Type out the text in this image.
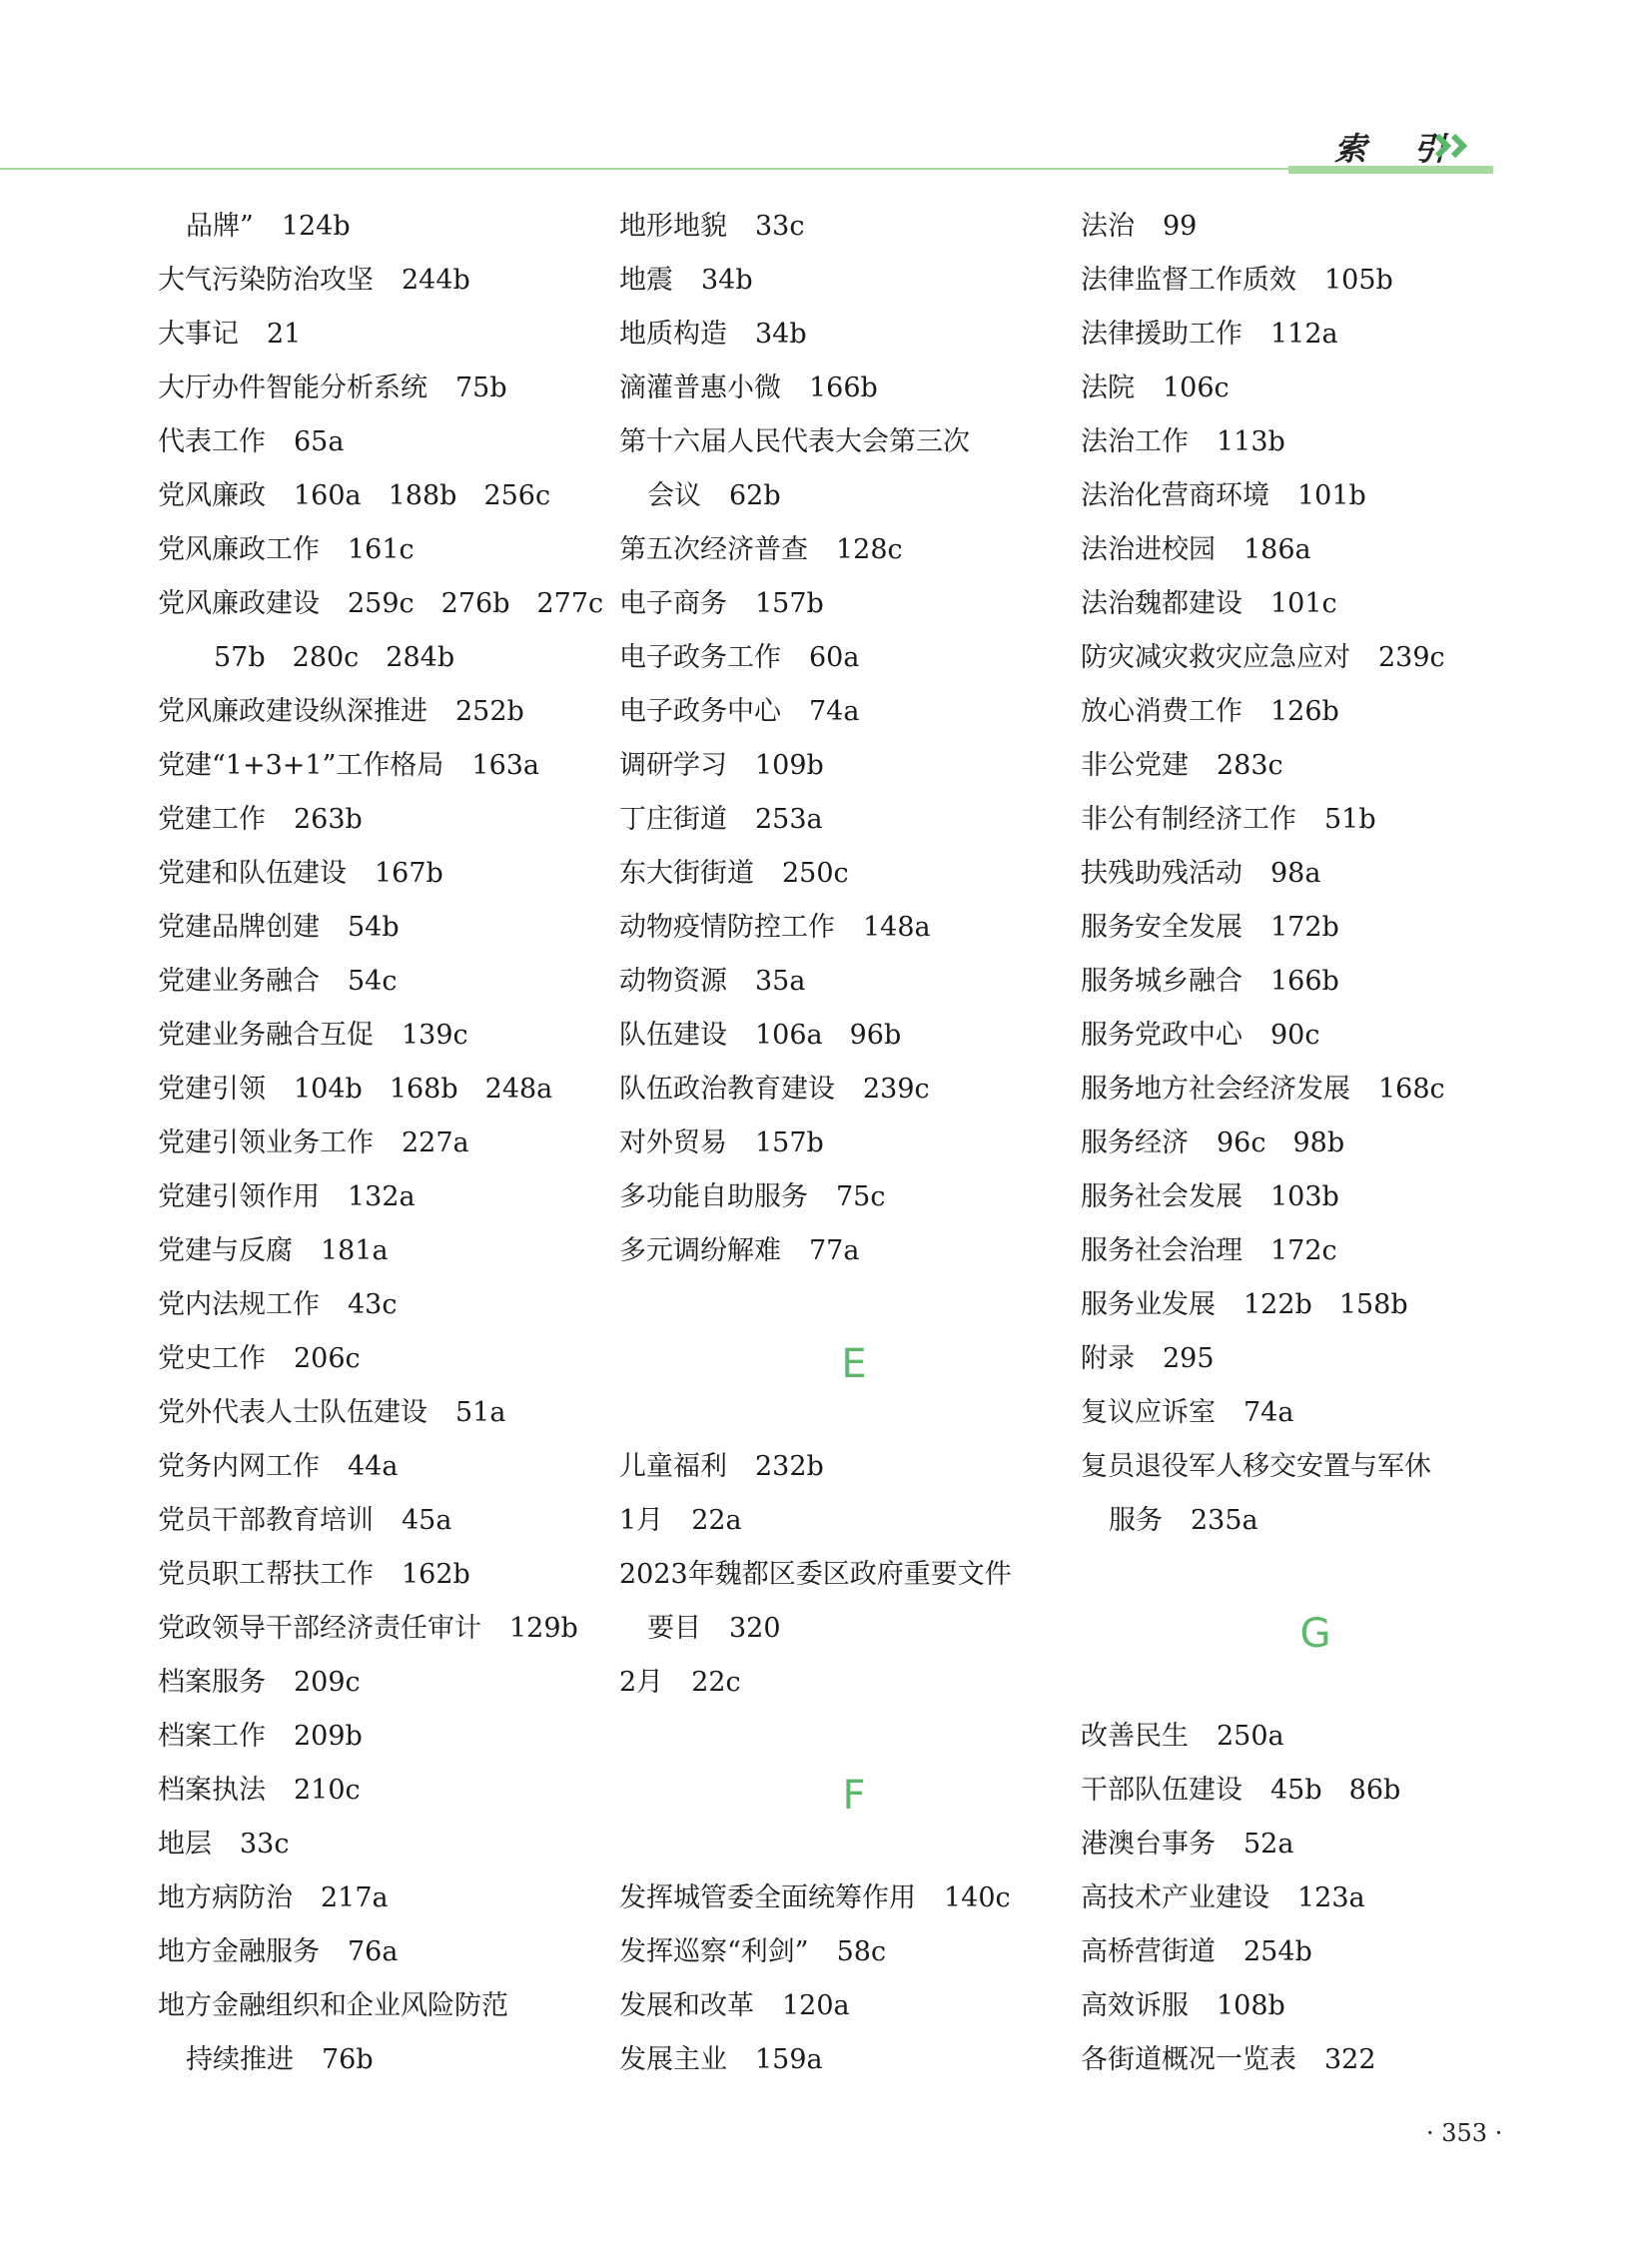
索 引
品牌” 124b
大气污染防治攻坚 244b
大事记 21
大厅办件智能分析系统 75b
代表工作 65a
党风廉政 160a　188b　256c
党风廉政工作 161c
党风廉政建设 259c　276b　277c
57b　280c　284b
党风廉政建设纵深推进 252b
党建“1+3+1”工作格局 163a
党建工作 263b
党建和队伍建设 167b
党建品牌创建 54b
党建业务融合 54c
党建业务融合互促 139c
党建引领 104b　168b　248a
党建引领业务工作 227a
党建引领作用 132a
党建与反腐 181a
党内法规工作 43c
党史工作 206c
党外代表人士队伍建设 51a
党务内网工作 44a
党员干部教育培训 45a
党员职工帮扶工作 162b
党政领导干部经济责任审计 129b
档案服务 209c
档案工作 209b
档案执法 210c
地层 33c
地方病防治 217a
地方金融服务 76a
地方金融组织和企业风险防范
持续推进 76b
地形地貌 33c
地震 34b
地质构造 34b
滴灌普惠小微 166b
第十六届人民代表大会第三次
会议 62b
第五次经济普查 128c
电子商务 157b
电子政务工作 60a
电子政务中心 74a
调研学习 109b
丁庄街道 253a
东大街街道 250c
动物疫情防控工作 148a
动物资源 35a
队伍建设 106a　96b
队伍政治教育建设 239c
对外贸易 157b
多功能自助服务 75c
多元调纷解难 77a
E
儿童福利 232b
1月 22a
2023年魏都区委区政府重要文件
要目 320
2月 22c
F
发挥城管委全面统筹作用 140c
发挥巡察“利剑” 58c
发展和改革 120a
发展主业 159a
法治 99
法律监督工作质效 105b
法律援助工作 112a
法院 106c
法治工作 113b
法治化营商环境 101b
法治进校园 186a
法治魏都建设 101c
防灾减灾救灾应急应对 239c
放心消费工作 126b
非公党建 283c
非公有制经济工作 51b
扶残助残活动 98a
服务安全发展 172b
服务城乡融合 166b
服务党政中心 90c
服务地方社会经济发展 168c
服务经济 96c　98b
服务社会发展 103b
服务社会治理 172c
服务业发展 122b　158b
附录 295
复议应诉室 74a
复员退役军人移交安置与军休
服务 235a
G
改善民生 250a
干部队伍建设 45b　86b
港澳台事务 52a
高技术产业建设 123a
高桥营街道 254b
高效诉服 108b
各街道概况一览表 322
· 353 ·
